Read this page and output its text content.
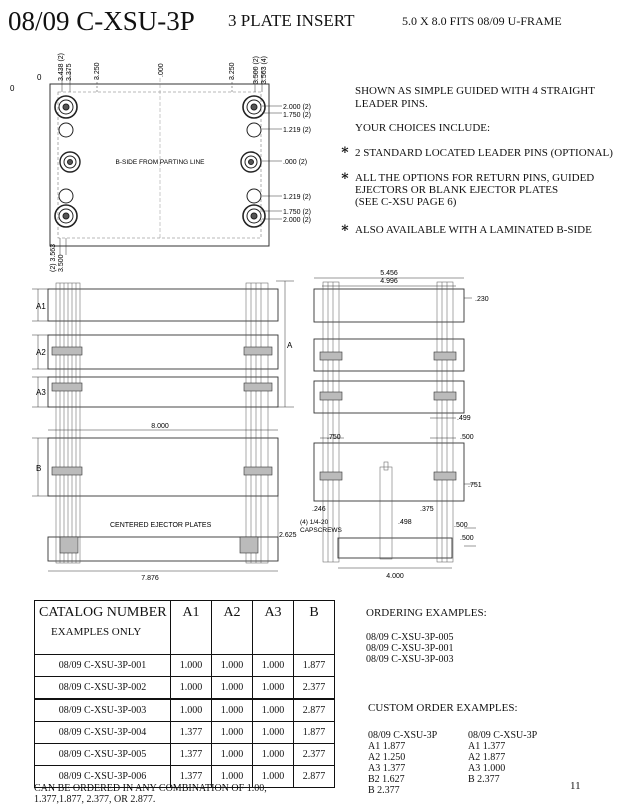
08/09 C-XSU-3P 3 PLATE INSERT	5.0 X 8.0 FITS 08/09 U-FRAME
0
0
3.438 (2) 3.375	3.250	.000	3.250 3.500 (2) 3.563 (4)
2.000 (2)
1.750 (2)
1.219 (2)
.000 (2)
1.219 (2)
1.750 (2)
2.000 (2)
B-SIDE FROM PARTING LINE
(2) 3.563 3.500
SHOWN AS SIMPLE GUIDED WITH 4 STRAIGHT
LEADER PINS.
YOUR CHOICES INCLUDE:
∗ 2 STANDARD LOCATED LEADER PINS (OPTIONAL)
∗ ALL THE OPTIONS FOR RETURN PINS, GUIDED
EJECTORS OR BLANK EJECTOR PLATES
(SEE C-XSU PAGE 6)
∗ ALSO AVAILABLE WITH A LAMINATED B-SIDE
A1
A2
A3
A
B
8.000
CENTERED EJECTOR PLATES
2.625
7.876
5.456
4.996
.230
.499
.750	.500
.751
.246	.375
.498	.500
.500
(4) 1/4-20
CAPSCREWS
4.000
CATALOG NUMBER
EXAMPLES ONLY	A1	A2	A3	B
08/09 C-XSU-3P-001	1.000	1.000	1.000	1.877
08/09 C-XSU-3P-002	1.000	1.000	1.000	2.377
08/09 C-XSU-3P-003	1.000	1.000	1.000	2.877
08/09 C-XSU-3P-004	1.377	1.000	1.000	1.877
08/09 C-XSU-3P-005	1.377	1.000	1.000	2.377
08/09 C-XSU-3P-006	1.377	1.000	1.000	2.877
CAN BE ORDERED IN ANY COMBINATION OF 1.00,
1.377,1.877, 2.377, OR 2.877.
ORDERING EXAMPLES:
08/09 C-XSU-3P-005
08/09 C-XSU-3P-001
08/09 C-XSU-3P-003
CUSTOM ORDER EXAMPLES:
08/09 C-XSU-3P
A1 1.877
A2 1.250
A3 1.377
B2 1.627
B 2.377
08/09 C-XSU-3P
A1 1.377
A2 1.877
A3 1.000
B 2.377
11
